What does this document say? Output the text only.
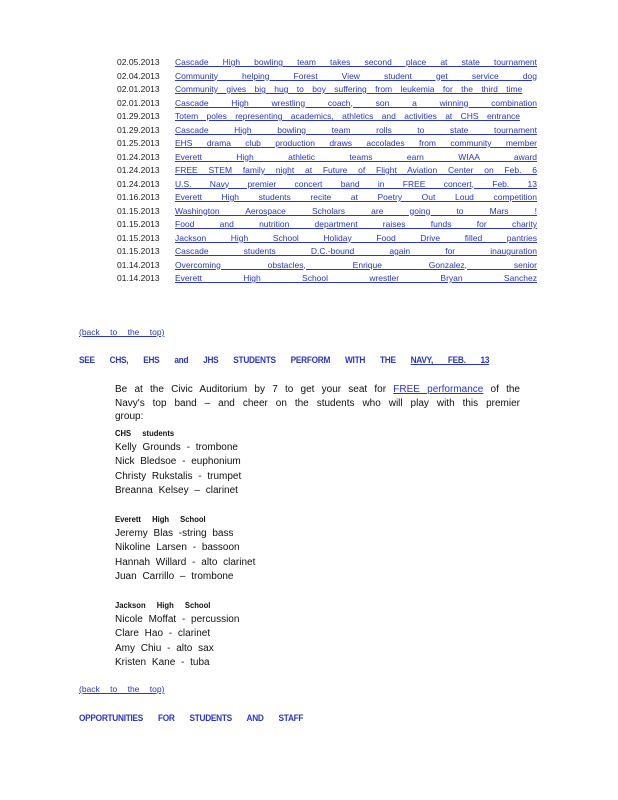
02.05.2013	Cascade High bowling team takes second place at state tournament
02.04.2013	Community helping Forest View student get service dog
02.01.2013	Community gives big hug to boy suffering from leukemia for the third time
02.01.2013	Cascade High wrestling coach, son a winning combination
01.29.2013	Totem poles representing academics, athletics and activities at CHS entrance
01.29.2013	Cascade High bowling team rolls to state tournament
01.25.2013	EHS drama club production draws accolades from community member
01.24.2013	Everett High athletic teams earn WIAA award
01.24.2013	FREE STEM family night at Future of Flight Aviation Center on Feb. 6
01.24.2013	U.S. Navy premier concert band in FREE concert, Feb. 13
01.16.2013	Everett High students recite at Poetry Out Loud competition
01.15.2013	Washington Aerospace Scholars are going to Mars !
01.15.2013	Food and nutrition department raises funds for charity
01.15.2013	Jackson High School Holiday Food Drive filled pantries
01.15.2013	Cascade students D.C.-bound again for inauguration
01.14.2013	Overcoming obstacles, Enrique Gonzalez, senior
01.14.2013	Everett High School wrestler Bryan Sanchez
(back to the top)
SEE CHS, EHS and JHS STUDENTS PERFORM WITH THE NAVY, FEB. 13
Be at the Civic Auditorium by 7 to get your seat for FREE performance of the Navy's top band – and cheer on the students who will play with this premier group:
CHS students
Kelly Grounds - trombone
Nick Bledsoe - euphonium
Christy Rukstalis - trumpet
Breanna Kelsey – clarinet
Everett High School
Jeremy Blas -string bass
Nikoline Larsen - bassoon
Hannah Willard - alto clarinet
Juan Carrillo – trombone
Jackson High School
Nicole Moffat - percussion
Clare Hao - clarinet
Amy Chiu - alto sax
Kristen Kane - tuba
(back to the top)
OPPORTUNITIES FOR STUDENTS AND STAFF
